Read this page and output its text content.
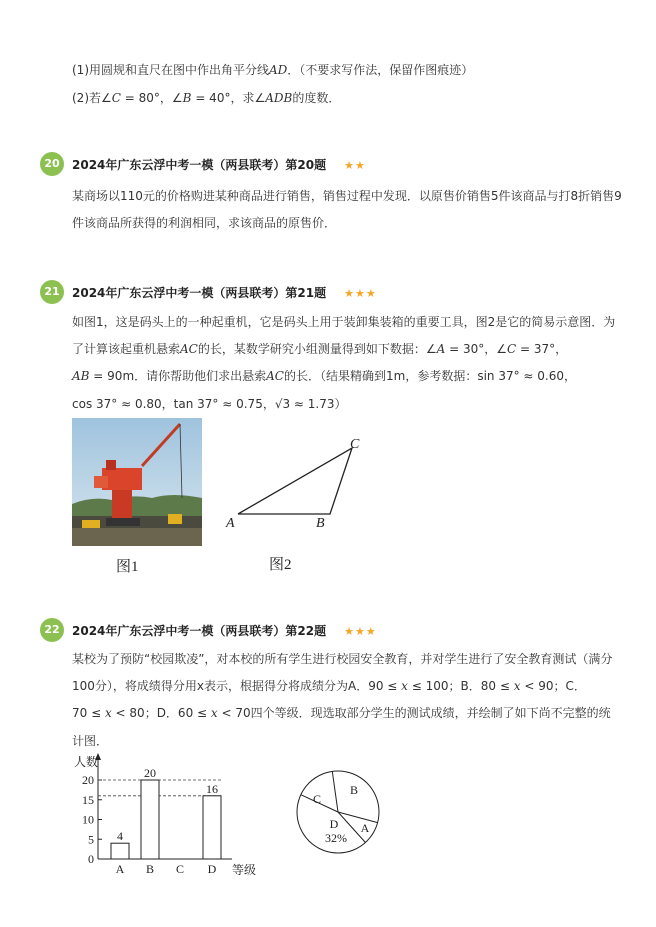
(1)用圆规和直尺在图中作出角平分线AD．（不要求写作法，保留作图痕迹）
(2)若∠C = 80°，∠B = 40°，求∠ADB的度数．
20	2024年广东云浮中考一模（两县联考）第20题 ★★
某商场以110元的价格购进某种商品进行销售，销售过程中发现．以原售价销售5件该商品与打8折销售9
件该商品所获得的利润相同，求该商品的原售价．
21	2024年广东云浮中考一模（两县联考）第21题 ★★★
如图1，这是码头上的一种起重机，它是码头上用于装卸集装箱的重要工具，图2是它的简易示意图．为
了计算该起重机悬索AC的长，某数学研究小组测量得到如下数据：∠A = 30°，∠C = 37°，
AB = 90m．请你帮助他们求出悬索AC的长．（结果精确到1m，参考数据：sin 37° ≈ 0.60，
cos 37° ≈ 0.80，tan 37° ≈ 0.75，√3 ≈ 1.73）
图1
A	B
C
图2
22	2024年广东云浮中考一模（两县联考）第22题 ★★★
某校为了预防“校园欺凌”，对本校的所有学生进行校园安全教育，并对学生进行了安全教育测试（满分
100分），将成绩得分用x表示，根据得分将成绩分为A．90 ≤ x ≤ 100；B．80 ≤ x < 90；C．
70 ≤ x < 80；D．60 ≤ x < 70四个等级．现选取部分学生的测试成绩，并绘制了如下尚不完整的统
计图．
0
5
10
15
20
4
A
20
B C
16
D
人数
等级
B
C
D
32%
A
